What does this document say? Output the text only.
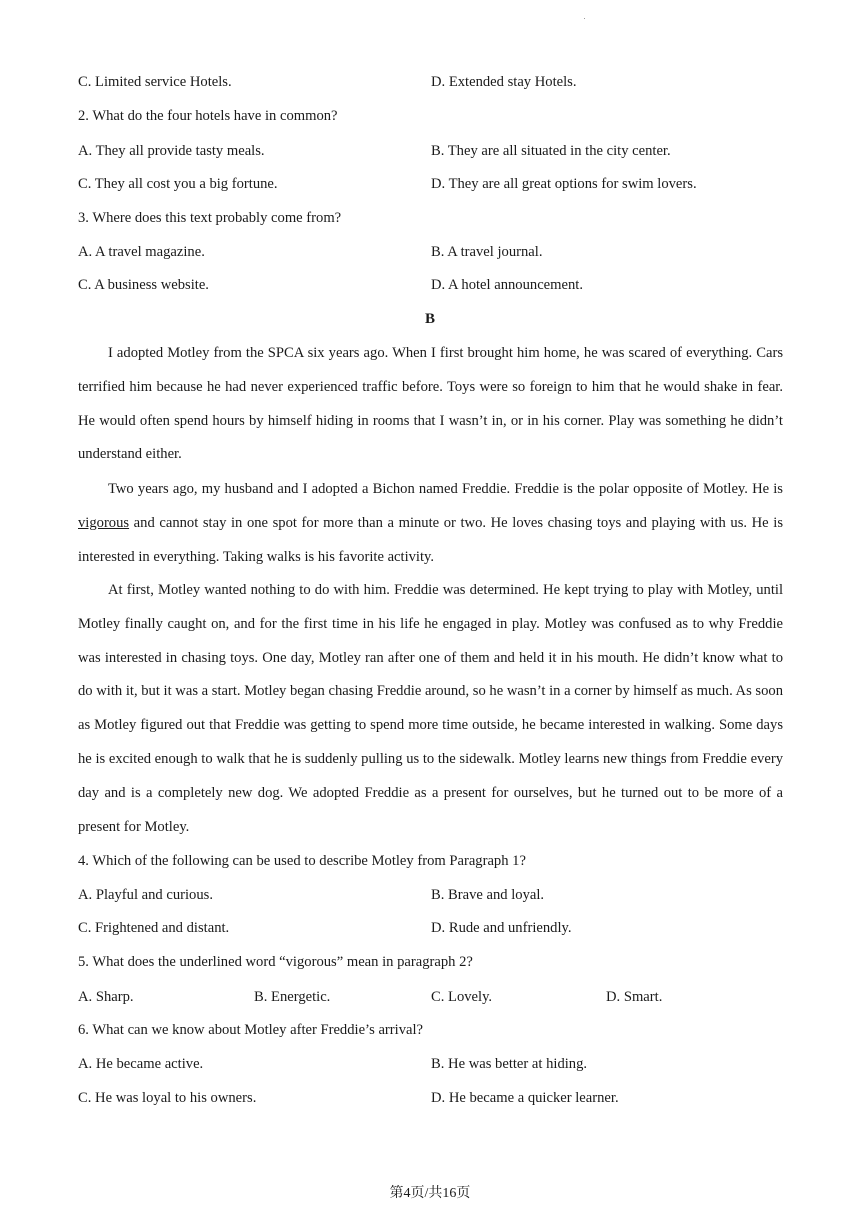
C. Limited service Hotels.	D. Extended stay Hotels.
2. What do the four hotels have in common?
A. They all provide tasty meals.	B. They are all situated in the city center.
C. They all cost you a big fortune.	D. They are all great options for swim lovers.
3. Where does this text probably come from?
A. A travel magazine.	B. A travel journal.
C. A business website.	D. A hotel announcement.
B
I adopted Motley from the SPCA six years ago. When I first brought him home, he was scared of everything. Cars terrified him because he had never experienced traffic before. Toys were so foreign to him that he would shake in fear. He would often spend hours by himself hiding in rooms that I wasn’t in, or in his corner. Play was something he didn’t understand either.
Two years ago, my husband and I adopted a Bichon named Freddie. Freddie is the polar opposite of Motley. He is vigorous and cannot stay in one spot for more than a minute or two. He loves chasing toys and playing with us. He is interested in everything. Taking walks is his favorite activity.
At first, Motley wanted nothing to do with him. Freddie was determined. He kept trying to play with Motley, until Motley finally caught on, and for the first time in his life he engaged in play. Motley was confused as to why Freddie was interested in chasing toys. One day, Motley ran after one of them and held it in his mouth. He didn’t know what to do with it, but it was a start. Motley began chasing Freddie around, so he wasn’t in a corner by himself as much. As soon as Motley figured out that Freddie was getting to spend more time outside, he became interested in walking. Some days he is excited enough to walk that he is suddenly pulling us to the sidewalk. Motley learns new things from Freddie every day and is a completely new dog. We adopted Freddie as a present for ourselves, but he turned out to be more of a present for Motley.
4. Which of the following can be used to describe Motley from Paragraph 1?
A. Playful and curious.	B. Brave and loyal.
C. Frightened and distant.	D. Rude and unfriendly.
5. What does the underlined word “vigorous” mean in paragraph 2?
A. Sharp.	B. Energetic.	C. Lovely.	D. Smart.
6. What can we know about Motley after Freddie’s arrival?
A. He became active.	B. He was better at hiding.
C. He was loyal to his owners.	D. He became a quicker learner.
第4页/共16页
